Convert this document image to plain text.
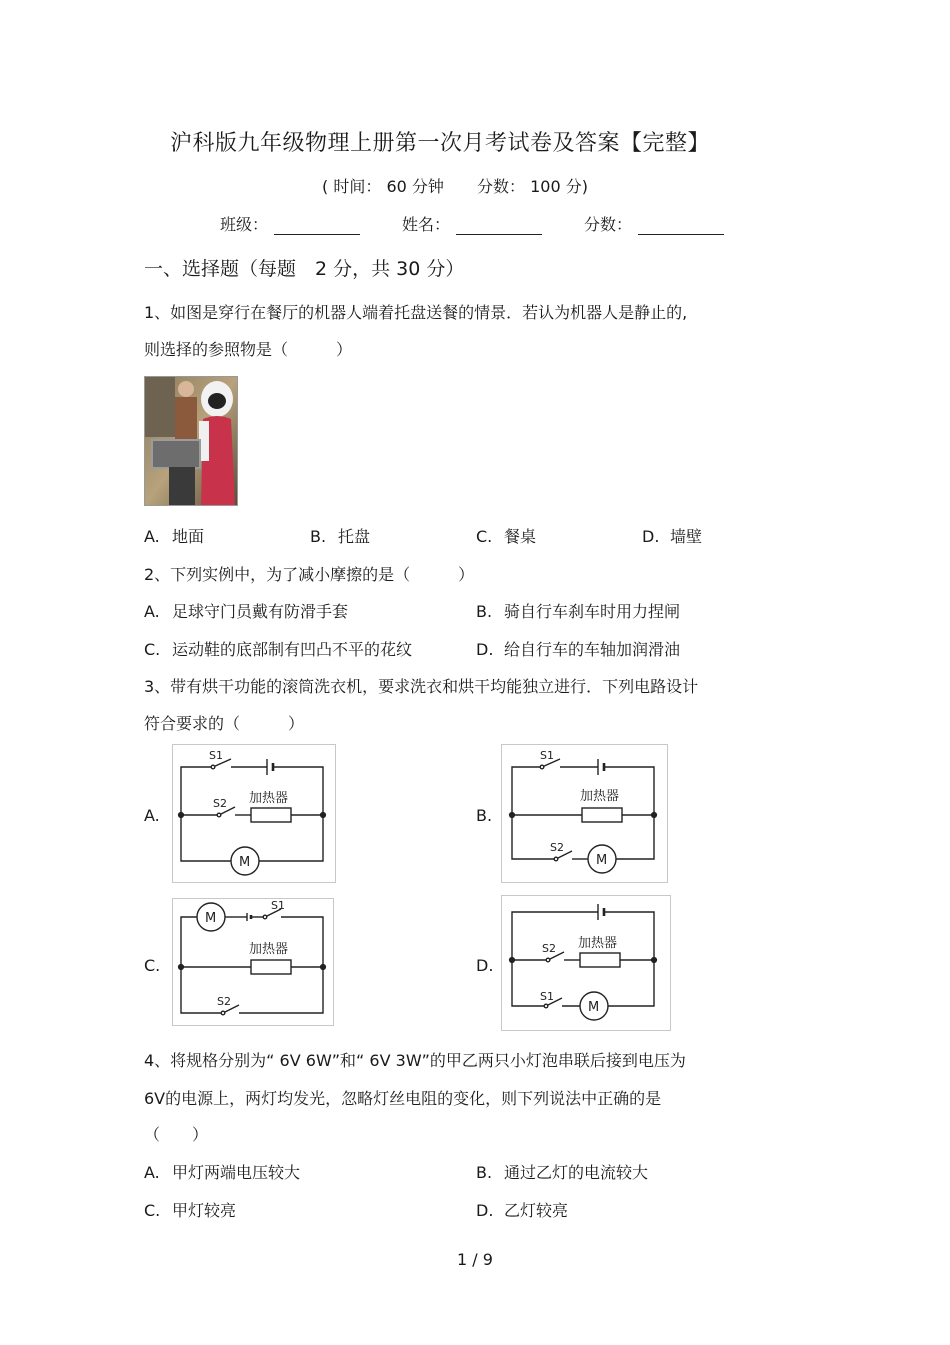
沪科版九年级物理上册第一次月考试卷及答案【完整】
( 时间： 60 分钟 分数： 100 分)
班级：	姓名：	分数：
一、选择题（每题　2 分，共 30 分）
1、如图是穿行在餐厅的机器人端着托盘送餐的情景．若认为机器人是静止的,
则选择的参照物是（　　　）
A. 地面	B. 托盘	C. 餐桌	D. 墙壁
2、下列实例中，为了减小摩擦的是（　　　）
A. 足球守门员戴有防滑手套	B. 骑自行车刹车时用力捏闸
C. 运动鞋的底部制有凹凸不平的花纹	D. 给自行车的车轴加润滑油
3、带有烘干功能的滚筒洗衣机，要求洗衣和烘干均能独立进行．下列电路设计
符合要求的（　　　）
A.
S1
S2 加热器
M
B.
S1
S2
加热器
M
C.
M
S1
加热器
S2
D.
S2 加热器
S1
M
4、将规格分别为“ 6V 6W”和“ 6V 3W”的甲乙两只小灯泡串联后接到电压为
6V的电源上，两灯均发光，忽略灯丝电阻的变化，则下列说法中正确的是
（　　）
A. 甲灯两端电压较大	B. 通过乙灯的电流较大
C. 甲灯较亮	D. 乙灯较亮
1 / 9
